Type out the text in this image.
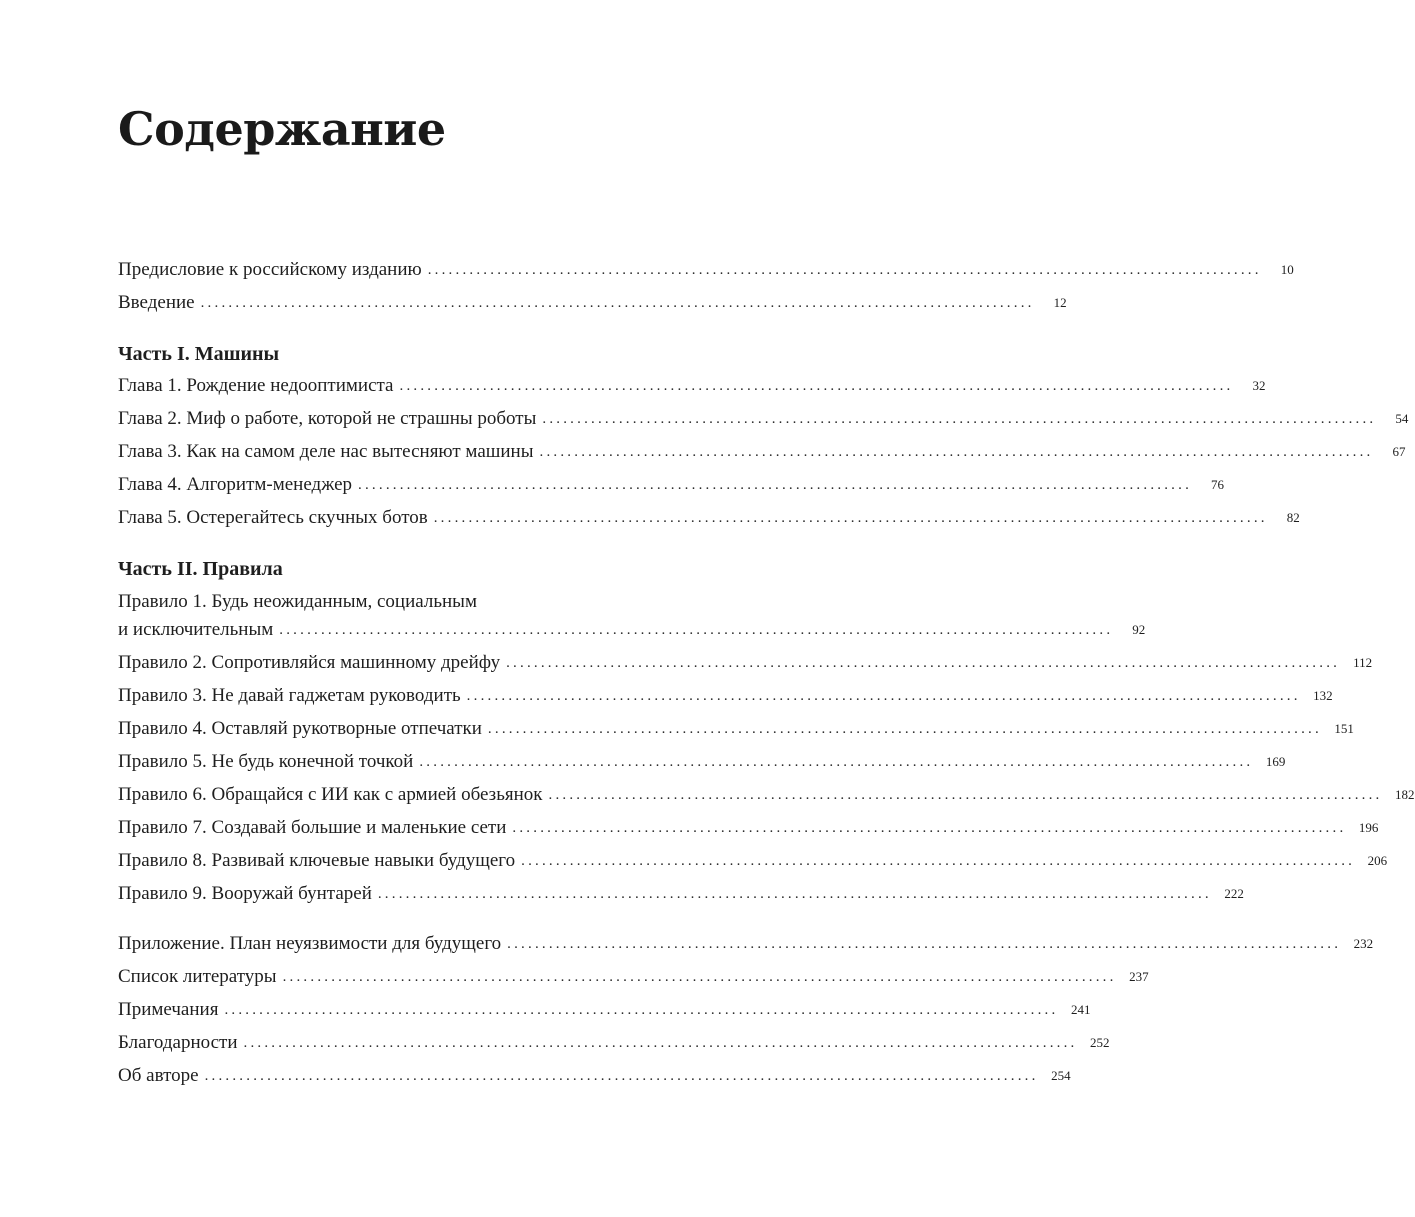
Содержание
Предисловие к российскому изданию ........................................................................................................................	10
Введение ........................................................................................................................	12
Часть I. Машины
Глава 1. Рождение недооптимиста ........................................................................................................................	32
Глава 2. Миф о работе, которой не страшны роботы ........................................................................................................................	54
Глава 3. Как на самом деле нас вытесняют машины ........................................................................................................................	67
Глава 4. Алгоритм-менеджер ........................................................................................................................	76
Глава 5. Остерегайтесь скучных ботов ........................................................................................................................	82
Часть II. Правила
Правило 1. Будь неожиданным, социальным
и исключительным ........................................................................................................................	92
Правило 2. Сопротивляйся машинному дрейфу ........................................................................................................................ 112
Правило 3. Не давай гаджетам руководить ........................................................................................................................ 132
Правило 4. Оставляй рукотворные отпечатки ........................................................................................................................ 151
Правило 5. Не будь конечной точкой ........................................................................................................................ 169
Правило 6. Обращайся с ИИ как с армией обезьянок ........................................................................................................................ 182
Правило 7. Создавай большие и маленькие сети ........................................................................................................................ 196
Правило 8. Развивай ключевые навыки будущего ........................................................................................................................ 206
Правило 9. Вооружай бунтарей ........................................................................................................................ 222
Приложение. План неуязвимости для будущего ........................................................................................................................ 232
Список литературы ........................................................................................................................ 237
Примечания ........................................................................................................................ 241
Благодарности ........................................................................................................................ 252
Об авторе ........................................................................................................................ 254
